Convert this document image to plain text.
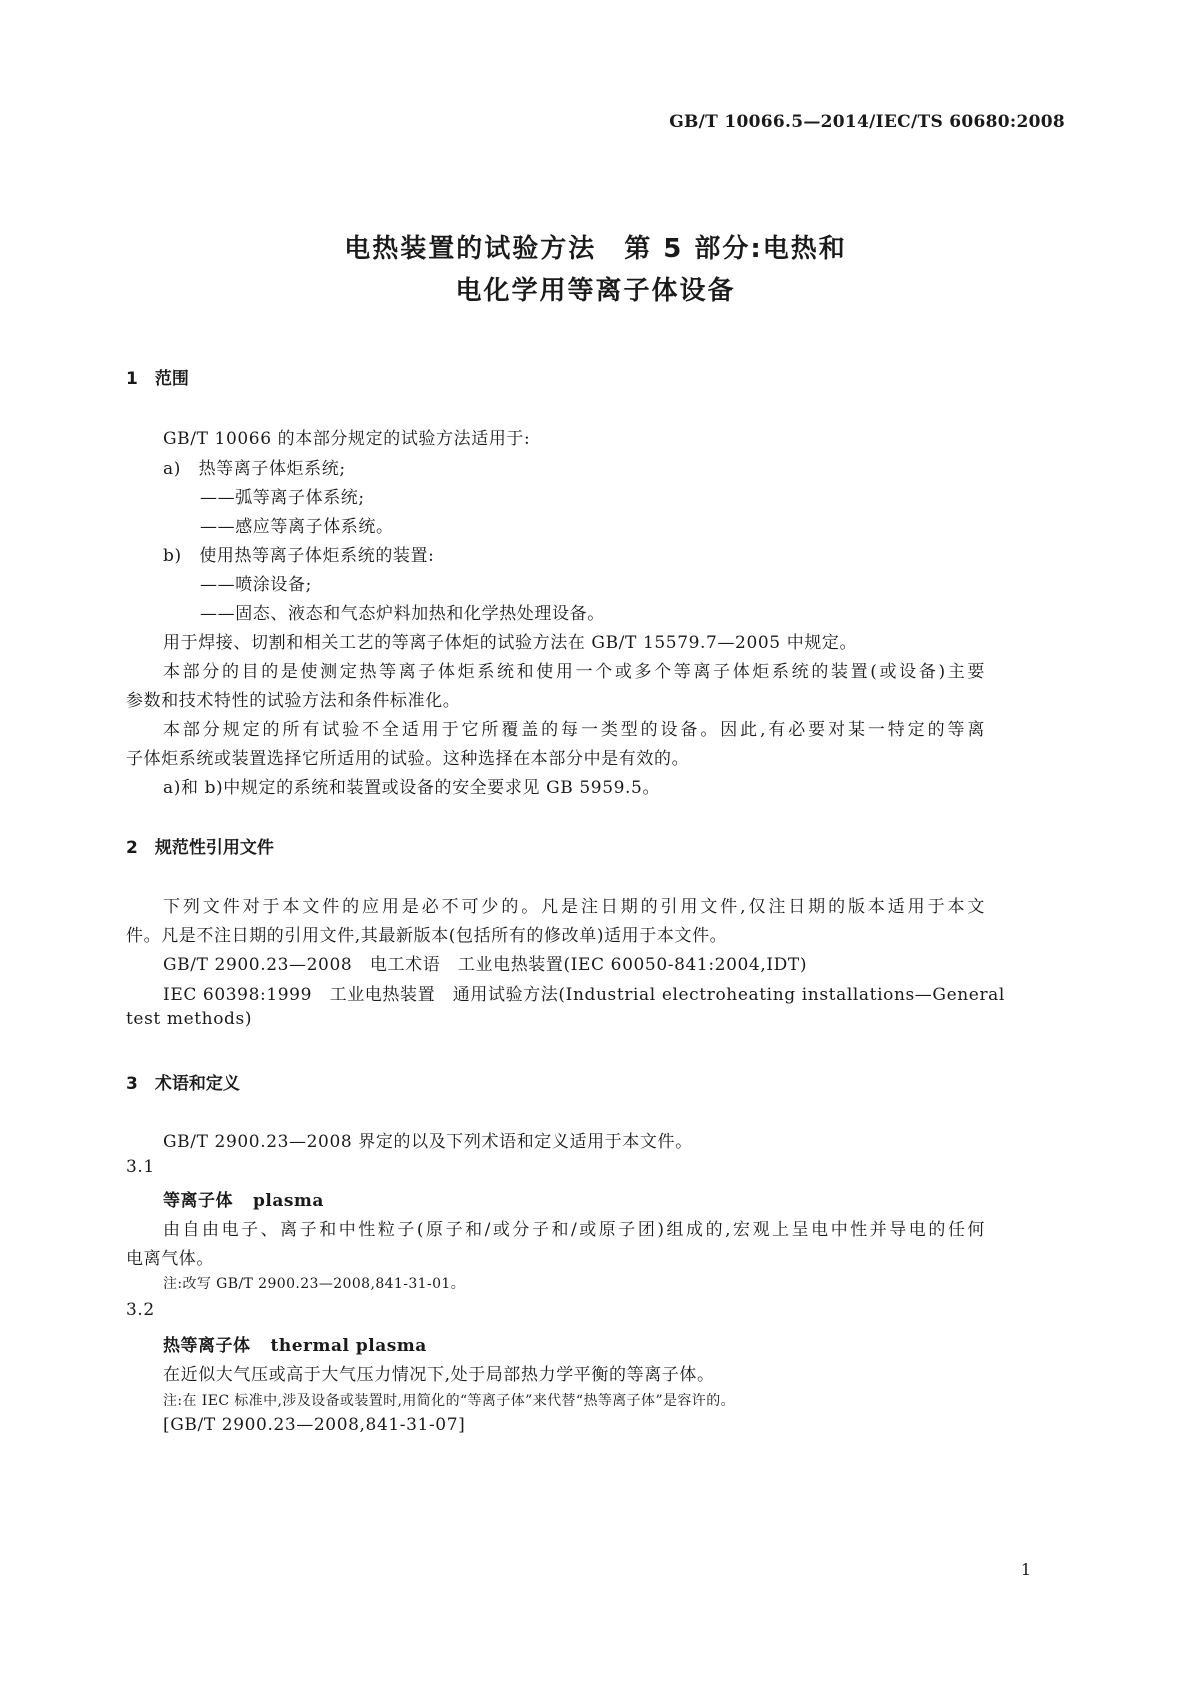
GB/T 10066.5—2014/IEC/TS 60680:2008
电热装置的试验方法　第 5 部分:电热和
电化学用等离子体设备
1　范围
GB/T 10066 的本部分规定的试验方法适用于:
a)　热等离子体炬系统;
——弧等离子体系统;
——感应等离子体系统。
b)　使用热等离子体炬系统的装置:
——喷涂设备;
——固态、液态和气态炉料加热和化学热处理设备。
用于焊接、切割和相关工艺的等离子体炬的试验方法在 GB/T 15579.7—2005 中规定。
本部分的目的是使测定热等离子体炬系统和使用一个或多个等离子体炬系统的装置(或设备)主要
参数和技术特性的试验方法和条件标准化。
本部分规定的所有试验不全适用于它所覆盖的每一类型的设备。因此,有必要对某一特定的等离
子体炬系统或装置选择它所适用的试验。这种选择在本部分中是有效的。
a)和 b)中规定的系统和装置或设备的安全要求见 GB 5959.5。
2　规范性引用文件
下列文件对于本文件的应用是必不可少的。凡是注日期的引用文件,仅注日期的版本适用于本文
件。凡是不注日期的引用文件,其最新版本(包括所有的修改单)适用于本文件。
GB/T 2900.23—2008　电工术语　工业电热装置(IEC 60050-841:2004,IDT)
IEC 60398:1999　工业电热装置　通用试验方法(Industrial electroheating installations—General
test methods)
3　术语和定义
GB/T 2900.23—2008 界定的以及下列术语和定义适用于本文件。
3.1
等离子体 plasma
由自由电子、离子和中性粒子(原子和/或分子和/或原子团)组成的,宏观上呈电中性并导电的任何
电离气体。
注:改写 GB/T 2900.23—2008,841-31-01。
3.2
热等离子体 thermal plasma
在近似大气压或高于大气压力情况下,处于局部热力学平衡的等离子体。
注:在 IEC 标准中,涉及设备或装置时,用简化的“等离子体”来代替“热等离子体”是容许的。
[GB/T 2900.23—2008,841-31-07]
1
